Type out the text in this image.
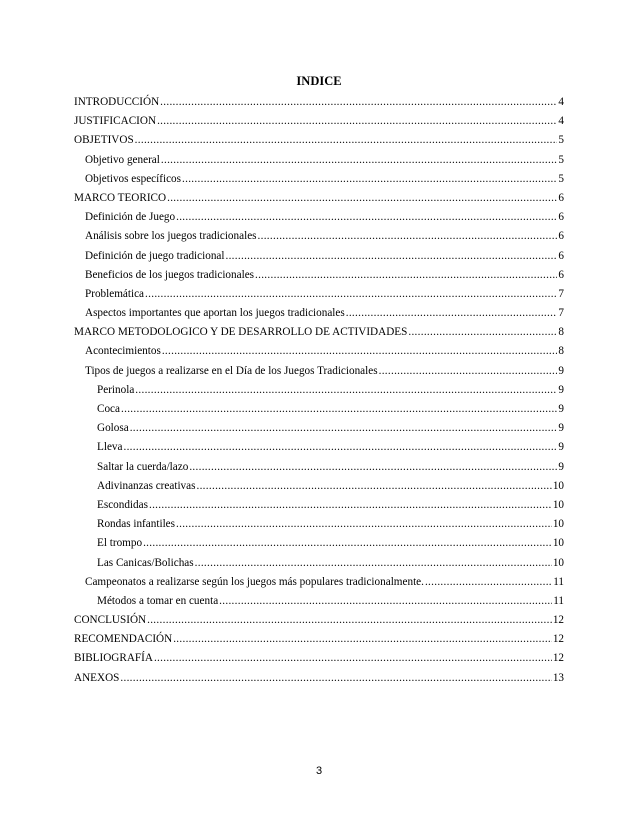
INDICE
INTRODUCCIÓN .....	4
JUSTIFICACION .....	4
OBJETIVOS .....	5
Objetivo general .....	5
Objetivos específicos .....	5
MARCO TEORICO .....	6
Definición de Juego .....	6
Análisis sobre los juegos tradicionales .....	6
Definición de juego tradicional .....	6
Beneficios de los juegos tradicionales .....	6
Problemática .....	7
Aspectos importantes que aportan los juegos tradicionales .....	7
MARCO METODOLOGICO Y DE DESARROLLO DE ACTIVIDADES .....	8
Acontecimientos .....	8
Tipos de juegos a realizarse en el Día de los Juegos Tradicionales .....	9
Perinola .....	9
Coca .....	9
Golosa .....	9
Lleva .....	9
Saltar la cuerda/lazo .....	9
Adivinanzas creativas .....	10
Escondidas .....	10
Rondas infantiles .....	10
El trompo .....	10
Las Canicas/Bolichas .....	10
Campeonatos a realizarse según los juegos más populares tradicionalmente. .....	11
Métodos a tomar en cuenta .....	11
CONCLUSIÓN .....	12
RECOMENDACIÓN .....	12
BIBLIOGRAFÍA .....	12
ANEXOS .....	13
3
